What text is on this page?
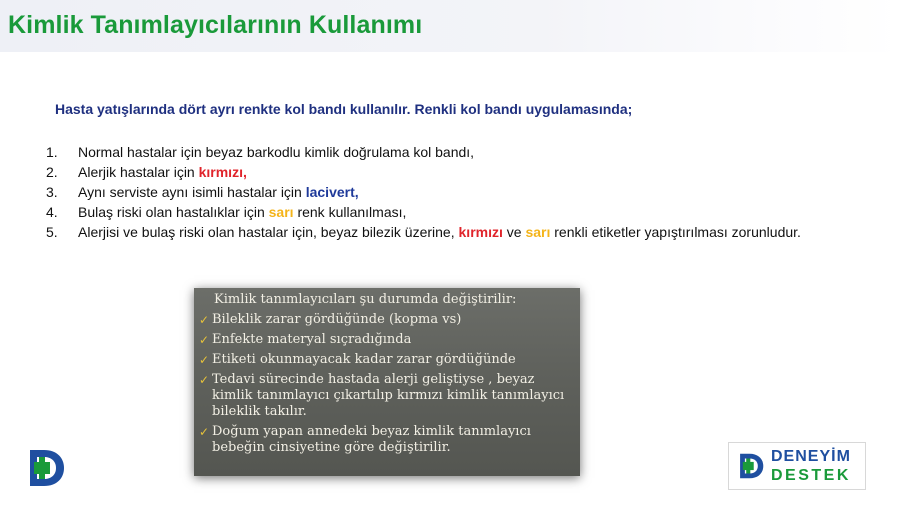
Kimlik Tanımlayıcılarının Kullanımı

Hasta yatışlarında dört ayrı renkte kol bandı kullanılır. Renkli kol bandı uygulamasında;

1.	Normal hastalar için beyaz barkodlu kimlik doğrulama kol bandı,
2.	Alerjik hastalar için kırmızı,
3.	Aynı serviste aynı isimli hastalar için lacivert,
4.	Bulaş riski olan hastalıklar için sarı renk kullanılması,
5.	Alerjisi ve bulaş riski olan hastalar için, beyaz bilezik üzerine, kırmızı ve sarı renkli etiketler yapıştırılması zorunludur.
Kimlik tanımlayıcıları şu durumda değiştirilir:
✓ Bileklik zarar gördüğünde (kopma vs)
✓ Enfekte materyal sıçradığında
✓ Etiketi okunmayacak kadar zarar gördüğünde
✓ Tedavi sürecinde hastada alerji geliştiyse , beyaz kimlik tanımlayıcı çıkartılıp kırmızı kimlik tanımlayıcı bileklik takılır.
✓ Doğum yapan annedeki beyaz kimlik tanımlayıcı bebeğin cinsiyetine göre değiştirilir.
DENEYİM
DESTEK
